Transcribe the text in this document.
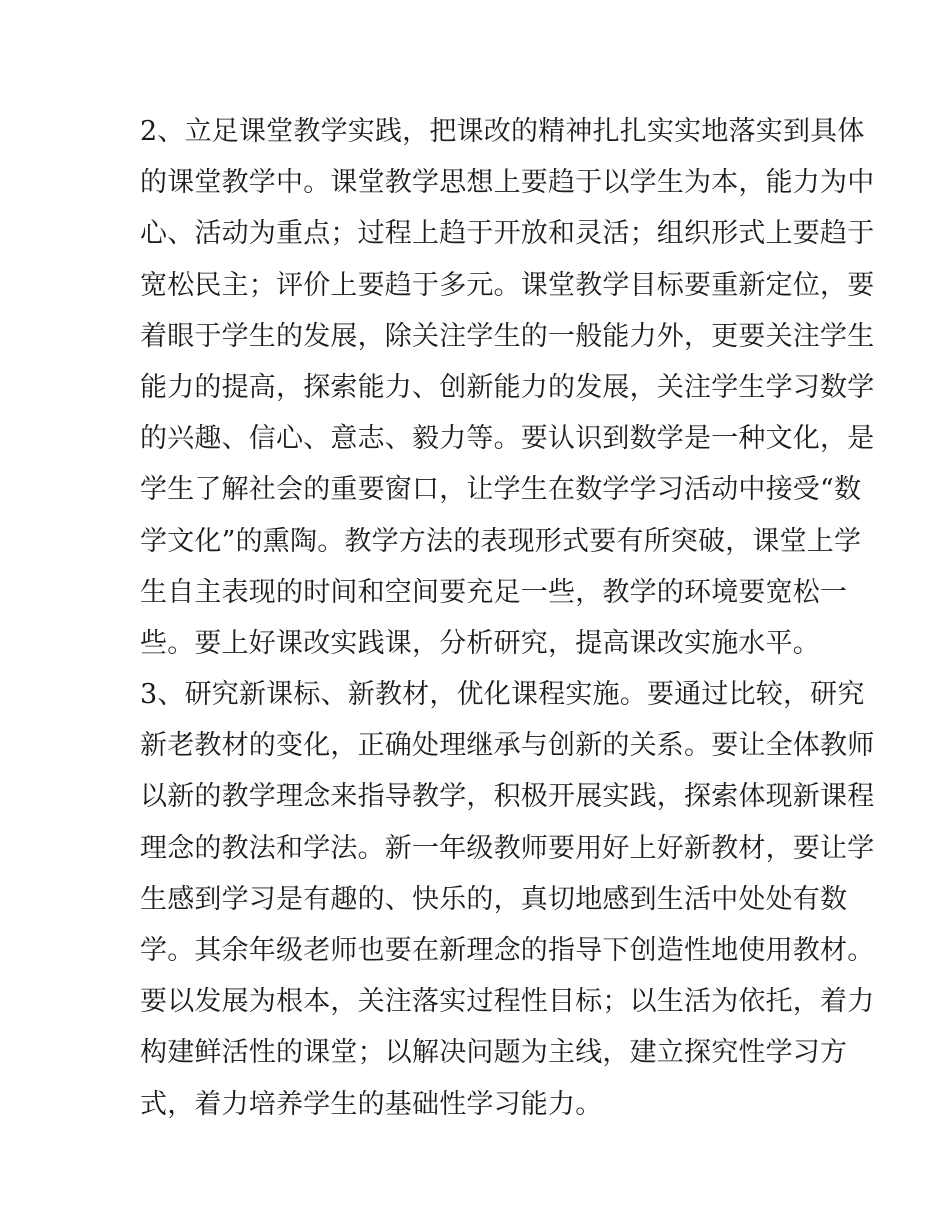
2、立足课堂教学实践，把课改的精神扎扎实实地落实到具体
的课堂教学中。课堂教学思想上要趋于以学生为本，能力为中
心、活动为重点；过程上趋于开放和灵活；组织形式上要趋于
宽松民主；评价上要趋于多元。课堂教学目标要重新定位，要
着眼于学生的发展，除关注学生的一般能力外，更要关注学生
能力的提高，探索能力、创新能力的发展，关注学生学习数学
的兴趣、信心、意志、毅力等。要认识到数学是一种文化，是
学生了解社会的重要窗口，让学生在数学学习活动中接受“数
学文化”的熏陶。教学方法的表现形式要有所突破，课堂上学
生自主表现的时间和空间要充足一些，教学的环境要宽松一
些。要上好课改实践课，分析研究，提高课改实施水平。
3、研究新课标、新教材，优化课程实施。要通过比较，研究
新老教材的变化，正确处理继承与创新的关系。要让全体教师
以新的教学理念来指导教学，积极开展实践，探索体现新课程
理念的教法和学法。新一年级教师要用好上好新教材，要让学
生感到学习是有趣的、快乐的，真切地感到生活中处处有数
学。其余年级老师也要在新理念的指导下创造性地使用教材。
要以发展为根本，关注落实过程性目标；以生活为依托，着力
构建鲜活性的课堂；以解决问题为主线，建立探究性学习方
式，着力培养学生的基础性学习能力。
